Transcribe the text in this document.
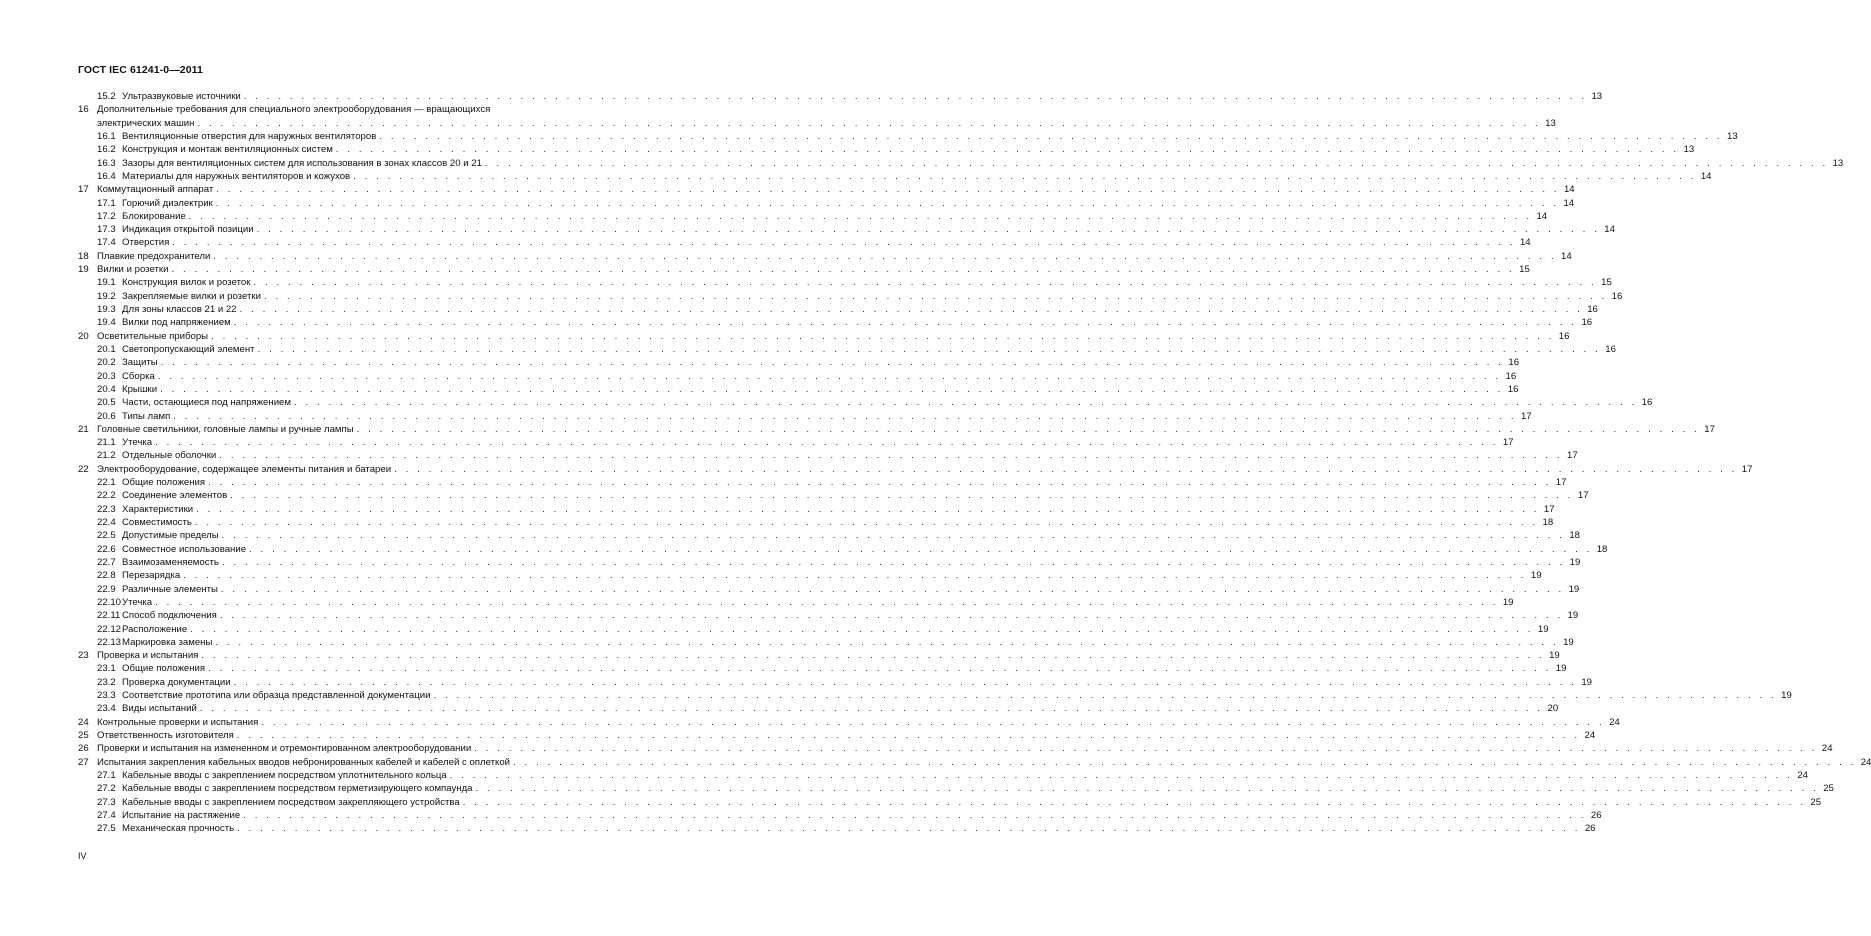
ГОСТ IEC 61241-0—2011
15.2 Ультразвуковые источники . . .	13
16 Дополнительные требования для специального электрооборудования — вращающихся
электрических машин . . .	13
16.1 Вентиляционные отверстия для наружных вентиляторов . . .	13
16.2 Конструкция и монтаж вентиляционных систем . . .	13
16.3 Зазоры для вентиляционных систем для использования в зонах классов 20 и 21 . . .	13
16.4 Материалы для наружных вентиляторов и кожухов . . .	14
17 Коммутационный аппарат . . .	14
17.1 Горючий диэлектрик . . .	14
17.2 Блокирование . . .	14
17.3 Индикация открытой позиции . . .	14
17.4 Отверстия . . .	14
18 Плавкие предохранители . . .	14
19 Вилки и розетки . . .	15
19.1 Конструкция вилок и розеток . . .	15
19.2 Закрепляемые вилки и розетки . . .	16
19.3 Для зоны классов 21 и 22 . . .	16
19.4 Вилки под напряжением . . .	16
20 Осветительные приборы . . .	16
20.1 Светопропускающий элемент . . .	16
20.2 Защиты . . .	16
20.3 Сборка . . .	16
20.4 Крышки . . .	16
20.5 Части, остающиеся под напряжением . . .	16
20.6 Типы ламп . . .	17
21 Головные светильники, головные лампы и ручные лампы . . .	17
21.1 Утечка . . .	17
21.2 Отдельные оболочки . . .	17
22 Электрооборудование, содержащее элементы питания и батареи . . .	17
22.1 Общие положения . . .	17
22.2 Соединение элементов . . .	17
22.3 Характеристики . . .	17
22.4 Совместимость . . .	18
22.5 Допустимые пределы . . .	18
22.6 Совместное использование . . .	18
22.7 Взаимозаменяемость . . .	19
22.8 Перезарядка . . .	19
22.9 Различные элементы . . .	19
22.10 Утечка . . .	19
22.11 Способ подключения . . .	19
22.12 Расположение . . .	19
22.13 Маркировка замены . . .	19
23 Проверка и испытания . . .	19
23.1 Общие положения . . .	19
23.2 Проверка документации . . .	19
23.3 Соответствие прототипа или образца представленной документации . . .	19
23.4 Виды испытаний . . .	20
24 Контрольные проверки и испытания . . .	24
25 Ответственность изготовителя . . .	24
26 Проверки и испытания на измененном и отремонтированном электрооборудовании . . .	24
27 Испытания закрепления кабельных вводов небронированных кабелей и кабелей с оплеткой . . .	24
27.1 Кабельные вводы с закреплением посредством уплотнительного кольца . . .	24
27.2 Кабельные вводы с закреплением посредством герметизирующего компаунда . . .	25
27.3 Кабельные вводы с закреплением посредством закрепляющего устройства . . .	25
27.4 Испытание на растяжение . . .	26
27.5 Механическая прочность . . .	26
IV
